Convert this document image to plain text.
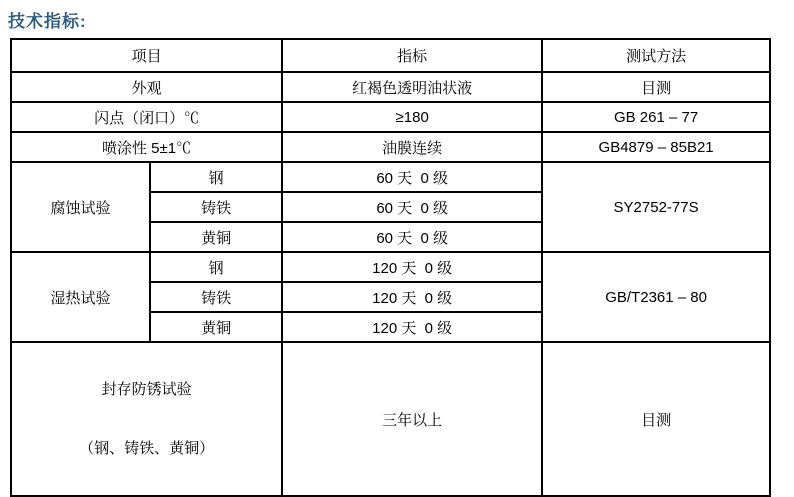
技术指标:
项目		指标	测试方法
外观		红褐色透明油状液	目测
闪点（闭口）℃		≥180	GB 261 – 77
喷涂性 5±1℃		油膜连续	GB4879 – 85B21
腐蚀试验	钢	60 天  0 级	SY2752-77S
	铸铁	60 天  0 级	
	黄铜	60 天  0 级	
湿热试验	钢	120 天  0 级	GB/T2361 – 80
	铸铁	120 天  0 级	
	黄铜	120 天  0 级	

封存防锈试验

（钢、铸铁、黄铜）		三年以上	目测
